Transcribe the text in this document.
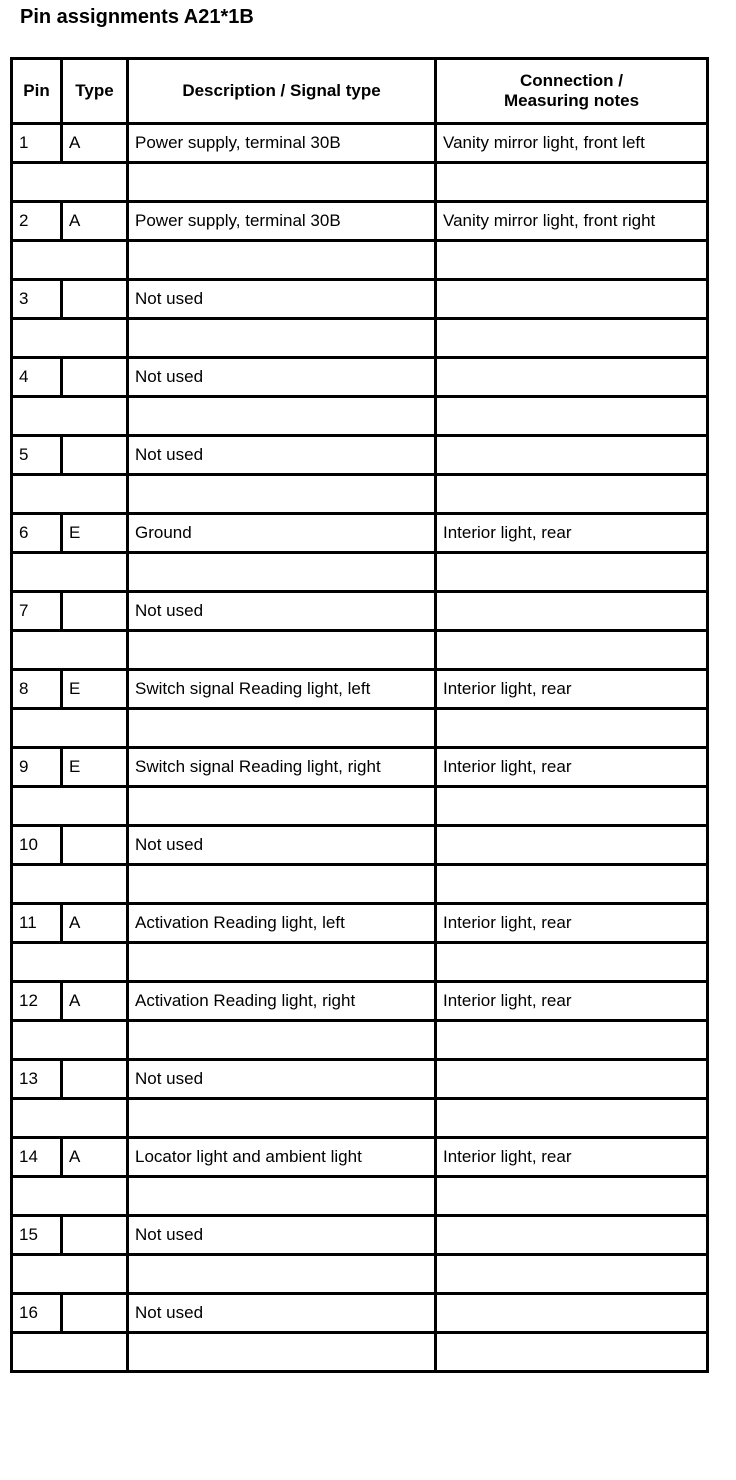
Pin assignments A21*1B
Pin	Type	Description / Signal type	Connection /
Measuring notes
1	A	Power supply, terminal 30B	Vanity mirror light, front left

2	A	Power supply, terminal 30B	Vanity mirror light, front right

3		Not used	

4		Not used	

5		Not used	

6	E	Ground	Interior light, rear

7		Not used	

8	E	Switch signal Reading light, left	Interior light, rear

9	E	Switch signal Reading light, right	Interior light, rear

10		Not used	

11	A	Activation Reading light, left	Interior light, rear

12	A	Activation Reading light, right	Interior light, rear

13		Not used	

14	A	Locator light and ambient light	Interior light, rear

15		Not used	

16		Not used	
